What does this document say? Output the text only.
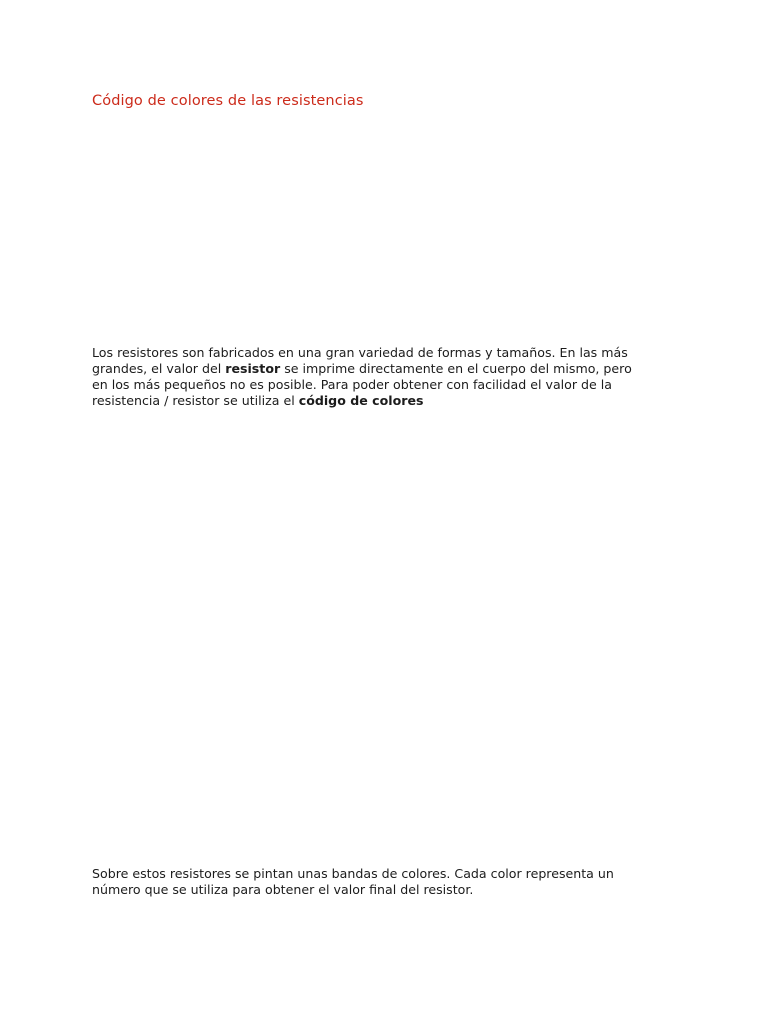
Código de colores de las resistencias

Los resistores son fabricados en una gran variedad de formas y tamaños. En las más
grandes, el valor del resistor se imprime directamente en el cuerpo del mismo, pero
en los más pequeños no es posible. Para poder obtener con facilidad el valor de la
resistencia / resistor se utiliza el código de colores

Sobre estos resistores se pintan unas bandas de colores. Cada color representa un
número que se utiliza para obtener el valor final del resistor.
